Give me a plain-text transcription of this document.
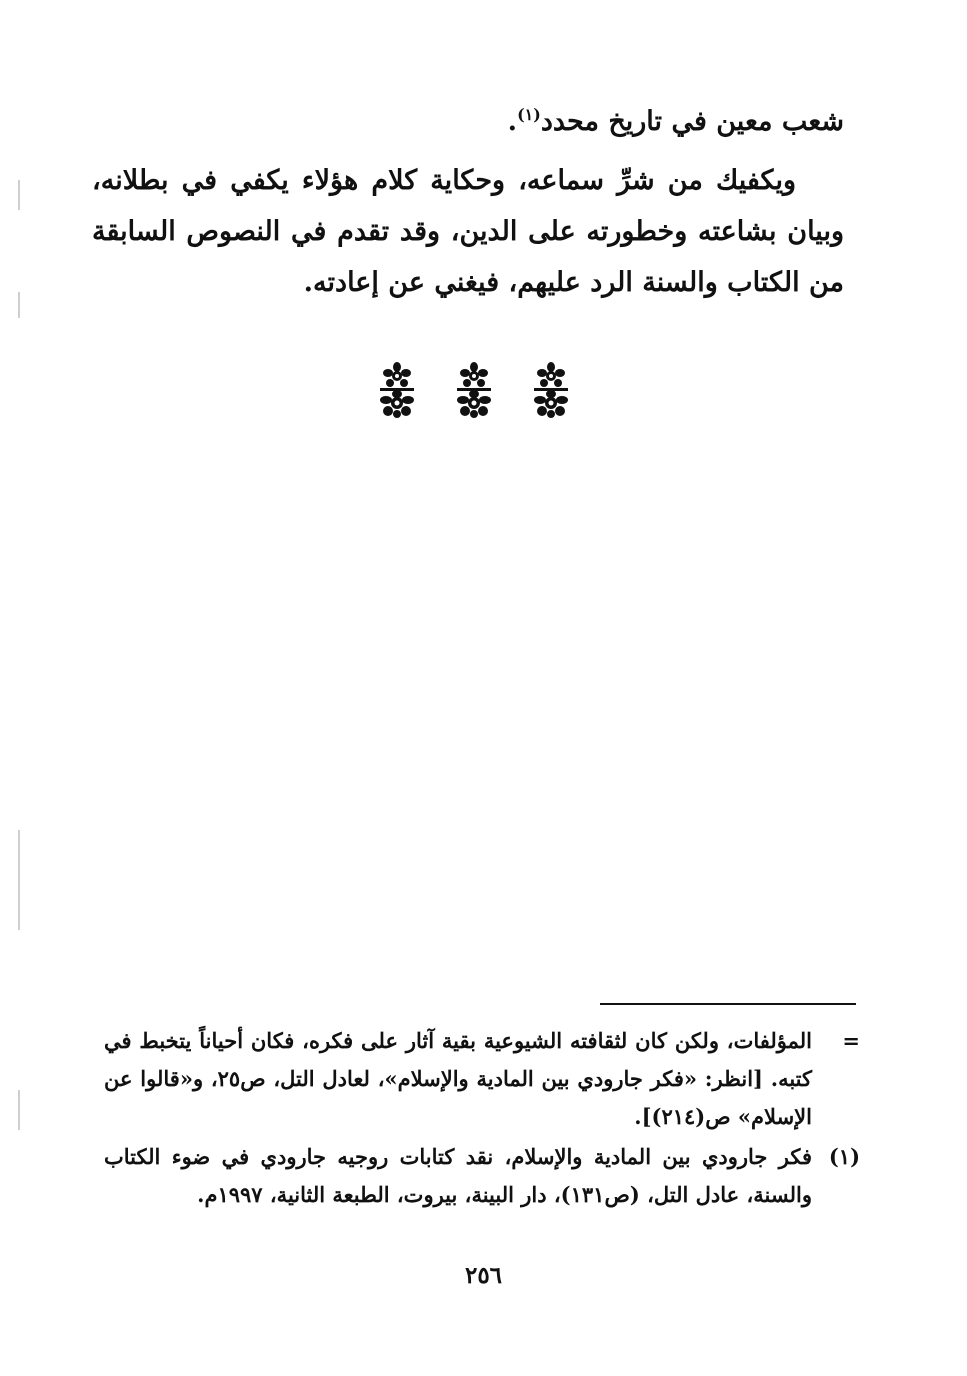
شعب معين في تاريخ محدد$^{(١)}$.

ويكفيك من شرِّ سماعه، وحكاية كلام هؤلاء يكفي في بطلانه، وبيان بشاعته وخطورته على الدين، وقد تقدم في النصوص السابقة من الكتاب والسنة الرد عليهم، فيغني عن إعادته.

=
المؤلفات، ولكن كان لثقافته الشيوعية بقية آثار على فكره، فكان أحياناً يتخبط في كتبه. [انظر: «فكر جارودي بين المادية والإسلام»، لعادل التل، ص٢٥، و«قالوا عن الإسلام» ص(٢١٤)].
(١)
فكر جارودي بين المادية والإسلام، نقد كتابات روجيه جارودي في ضوء الكتاب والسنة، عادل التل، (ص١٣١)، دار البينة، بيروت، الطبعة الثانية، ١٩٩٧م.
٢٥٦
